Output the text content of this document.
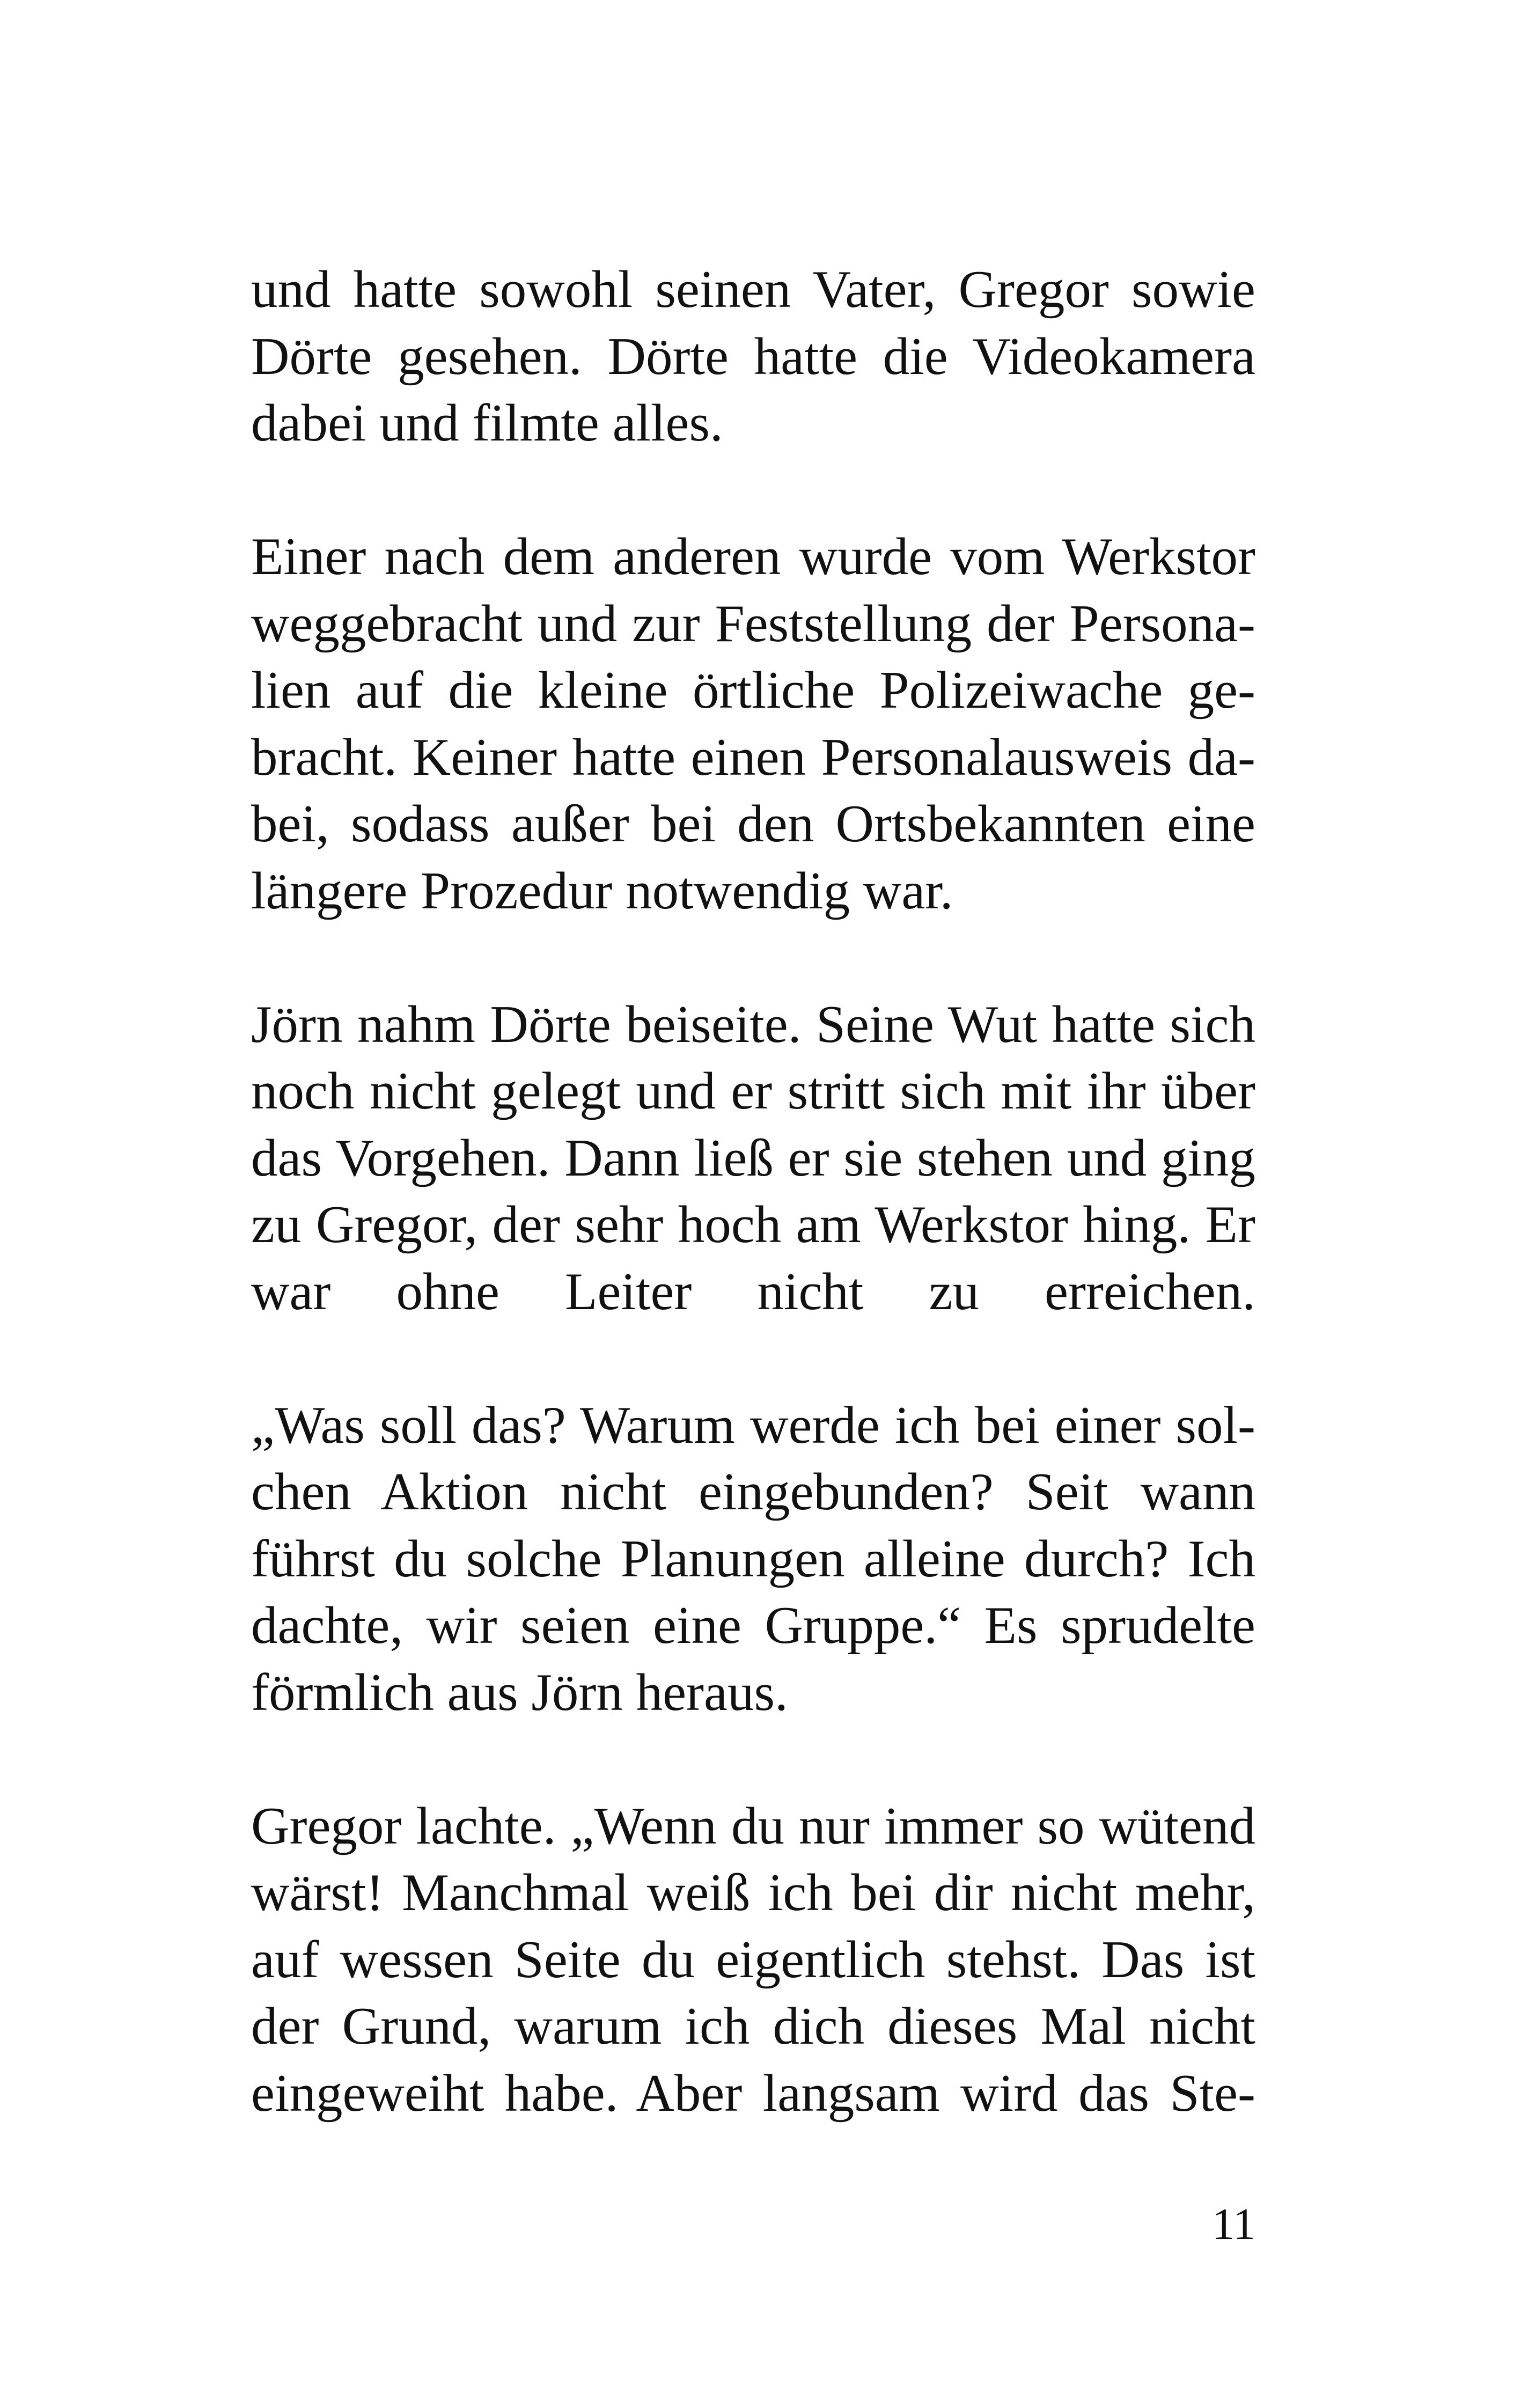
und hatte sowohl seinen Vater, Gregor sowie
Dörte gesehen. Dörte hatte die Videokamera
dabei und filmte alles.

Einer nach dem anderen wurde vom Werkstor
weggebracht und zur Feststellung der Persona-
lien auf die kleine örtliche Polizeiwache ge-
bracht. Keiner hatte einen Personalausweis da-
bei, sodass außer bei den Ortsbekannten eine
längere Prozedur notwendig war.

Jörn nahm Dörte beiseite. Seine Wut hatte sich
noch nicht gelegt und er stritt sich mit ihr über
das Vorgehen. Dann ließ er sie stehen und ging
zu Gregor, der sehr hoch am Werkstor hing. Er
war ohne Leiter nicht zu erreichen.

„Was soll das? Warum werde ich bei einer sol-
chen Aktion nicht eingebunden? Seit wann
führst du solche Planungen alleine durch? Ich
dachte, wir seien eine Gruppe.“ Es sprudelte
förmlich aus Jörn heraus.

Gregor lachte. „Wenn du nur immer so wütend
wärst! Manchmal weiß ich bei dir nicht mehr,
auf wessen Seite du eigentlich stehst. Das ist
der Grund, warum ich dich dieses Mal nicht
eingeweiht habe. Aber langsam wird das Ste-

11
